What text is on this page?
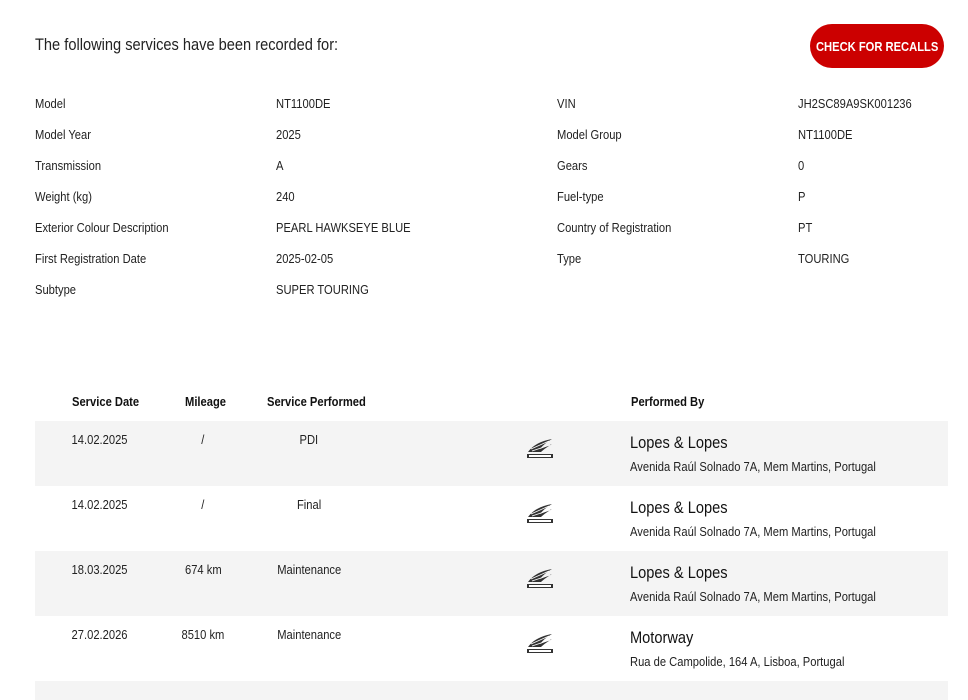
The following services have been recorded for:	CHECK FOR RECALLS
Model	NT1100DE
Model Year	2025
Transmission	A
Weight (kg)	240
Exterior Colour Description	PEARL HAWKSEYE BLUE
First Registration Date	2025-02-05
Subtype	SUPER TOURING
VIN	JH2SC89A9SK001236
Model Group	NT1100DE
Gears	0
Fuel-type	P
Country of Registration	PT
Type	TOURING
Service Date	Mileage	Service Performed	Performed By
14.02.2025	/	PDI	Lopes & Lopes
Avenida Raúl Solnado 7A, Mem Martins, Portugal
14.02.2025	/	Final	Lopes & Lopes
Avenida Raúl Solnado 7A, Mem Martins, Portugal
18.03.2025	674 km	Maintenance	Lopes & Lopes
Avenida Raúl Solnado 7A, Mem Martins, Portugal
27.02.2026	8510 km	Maintenance	Motorway
Rua de Campolide, 164 A, Lisboa, Portugal
